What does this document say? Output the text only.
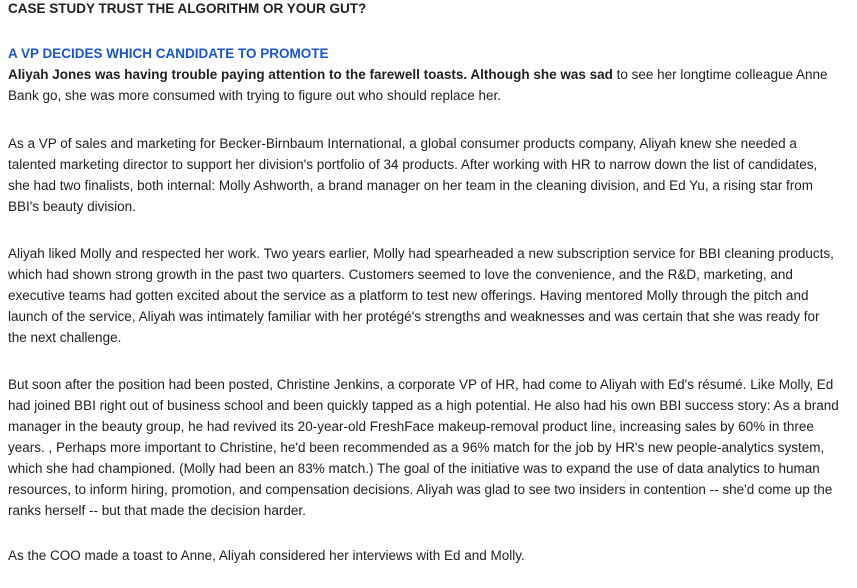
CASE STUDY TRUST THE ALGORITHM OR YOUR GUT?
A VP DECIDES WHICH CANDIDATE TO PROMOTE

Aliyah Jones was having trouble paying attention to the farewell toasts. Although she was sad to see her longtime colleague Anne Bank go, she was more consumed with trying to figure out who should replace her.

As a VP of sales and marketing for Becker-Birnbaum International, a global consumer products company, Aliyah knew she needed a talented marketing director to support her division's portfolio of 34 products. After working with HR to narrow down the list of candidates, she had two finalists, both internal: Molly Ashworth, a brand manager on her team in the cleaning division, and Ed Yu, a rising star from BBI's beauty division.

Aliyah liked Molly and respected her work. Two years earlier, Molly had spearheaded a new subscription service for BBI cleaning products, which had shown strong growth in the past two quarters. Customers seemed to love the convenience, and the R&D, marketing, and executive teams had gotten excited about the service as a platform to test new offerings. Having mentored Molly through the pitch and launch of the service, Aliyah was intimately familiar with her protégé's strengths and weaknesses and was certain that she was ready for the next challenge.

But soon after the position had been posted, Christine Jenkins, a corporate VP of HR, had come to Aliyah with Ed's résumé. Like Molly, Ed had joined BBI right out of business school and been quickly tapped as a high potential. He also had his own BBI success story: As a brand manager in the beauty group, he had revived its 20-year-old FreshFace makeup-removal product line, increasing sales by 60% in three years. , Perhaps more important to Christine, he'd been recommended as a 96% match for the job by HR's new people-analytics system, which she had championed. (Molly had been an 83% match.) The goal of the initiative was to expand the use of data analytics to human resources, to inform hiring, promotion, and compensation decisions. Aliyah was glad to see two insiders in contention -- she'd come up the ranks herself -- but that made the decision harder.

As the COO made a toast to Anne, Aliyah considered her interviews with Ed and Molly.
